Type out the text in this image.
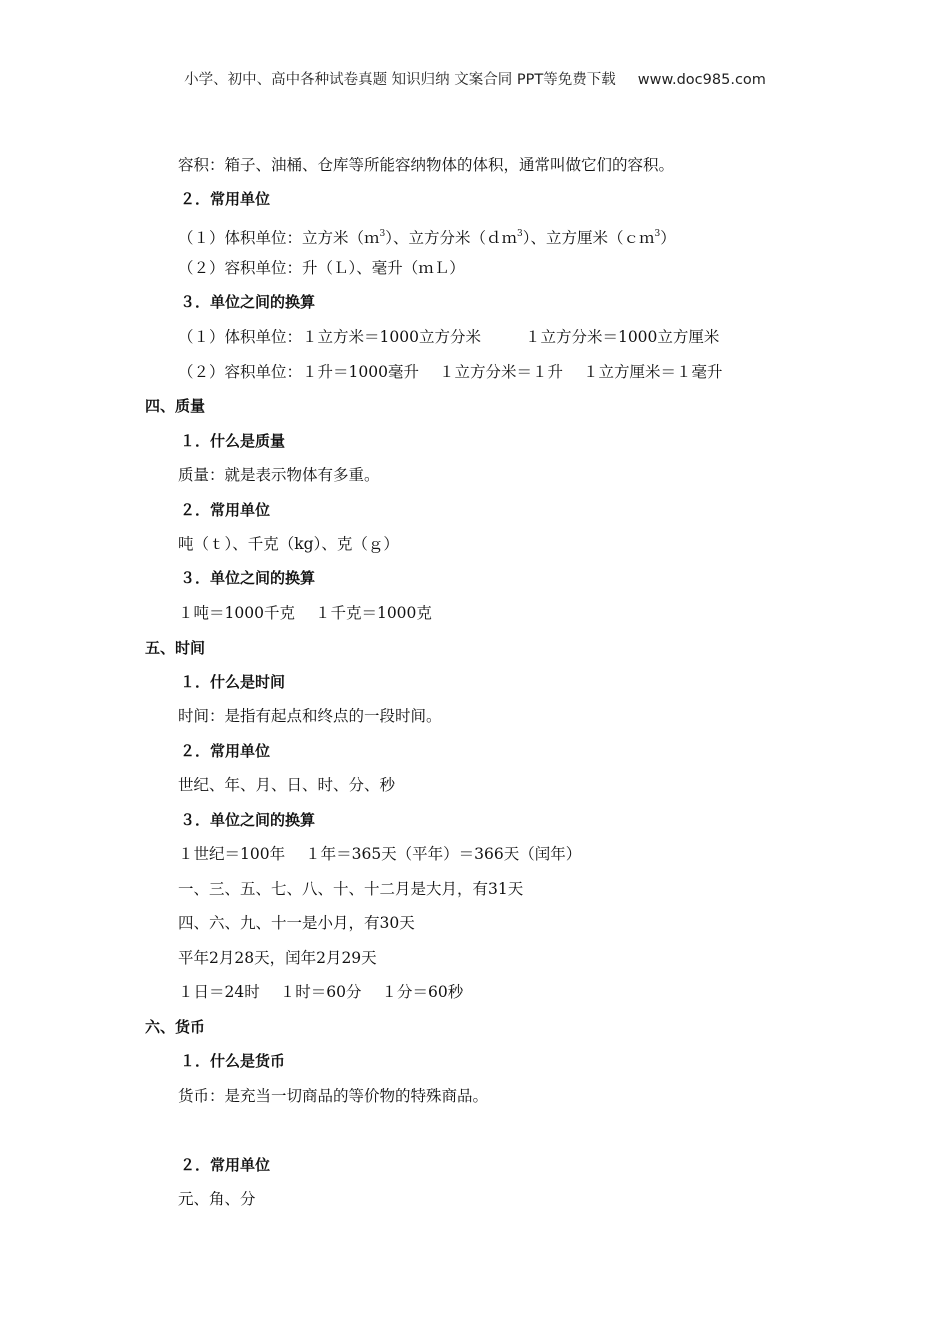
小学、初中、高中各种试卷真题 知识归纳 文案合同 PPT等免费下载 www.doc985.com
容积：箱子、油桶、仓库等所能容纳物体的体积，通常叫做它们的容积。
２．常用单位
（１）体积单位：立方米（ｍ$^3$）、立方分米（ｄｍ$^3$）、立方厘米（ｃｍ$^3$）
（２）容积单位：升（Ｌ）、毫升（ｍＬ）
３．单位之间的换算
（１）体积单位：１立方米＝1000立方分米	１立方分米＝1000立方厘米
（２）容积单位：１升＝1000毫升 １立方分米＝１升 １立方厘米＝１毫升
四、质量
１．什么是质量
质量：就是表示物体有多重。
２．常用单位
吨（ｔ）、千克（kg）、克（ｇ）
３．单位之间的换算
１吨＝1000千克 １千克＝1000克
五、时间
１．什么是时间
时间：是指有起点和终点的一段时间。
２．常用单位
世纪、年、月、日、时、分、秒
３．单位之间的换算
１世纪＝100年 １年＝365天（平年）＝366天（闰年）
一、三、五、七、八、十、十二月是大月，有31天
四、六、九、十一是小月，有30天
平年2月28天，闰年2月29天
１日＝24时 １时＝60分 １分＝60秒
六、货币
１．什么是货币
货币：是充当一切商品的等价物的特殊商品。
２．常用单位
元、角、分
